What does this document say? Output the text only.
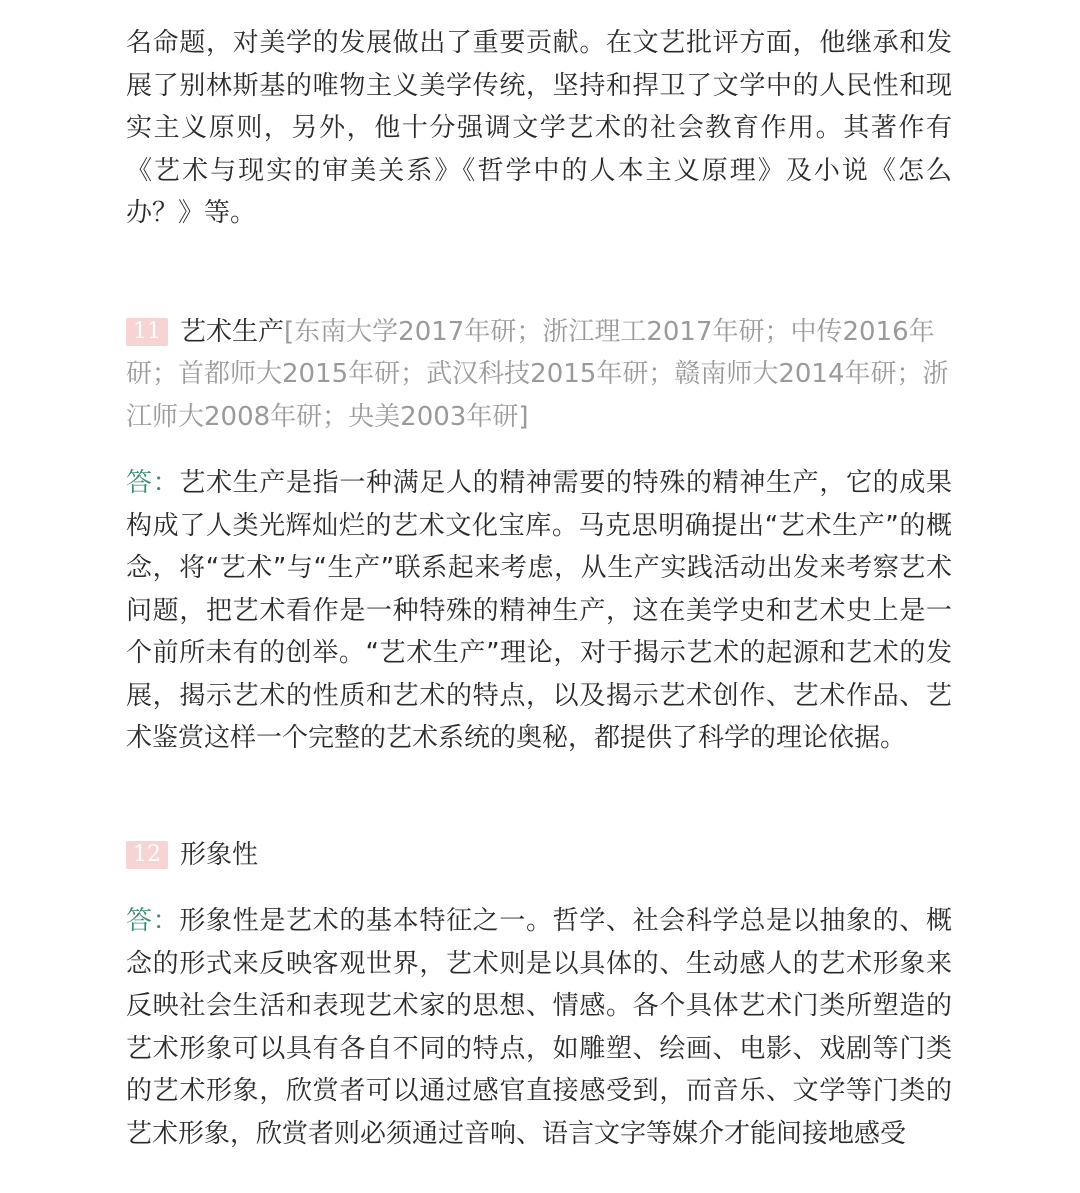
名命题，对美学的发展做出了重要贡献。在文艺批评方面，他继承和发展了别林斯基的唯物主义美学传统，坚持和捍卫了文学中的人民性和现实主义原则，另外，他十分强调文学艺术的社会教育作用。其著作有《艺术与现实的审美关系》《哲学中的人本主义原理》及小说《怎么办？》等。

11 艺术生产[东南大学2017年研；浙江理工2017年研；中传2016年研；首都师大2015年研；武汉科技2015年研；赣南师大2014年研；浙江师大2008年研；央美2003年研]

答：艺术生产是指一种满足人的精神需要的特殊的精神生产，它的成果构成了人类光辉灿烂的艺术文化宝库。马克思明确提出“艺术生产”的概念，将“艺术”与“生产”联系起来考虑，从生产实践活动出发来考察艺术问题，把艺术看作是一种特殊的精神生产，这在美学史和艺术史上是一个前所未有的创举。“艺术生产”理论，对于揭示艺术的起源和艺术的发展，揭示艺术的性质和艺术的特点，以及揭示艺术创作、艺术作品、艺术鉴赏这样一个完整的艺术系统的奥秘，都提供了科学的理论依据。

12 形象性

答：形象性是艺术的基本特征之一。哲学、社会科学总是以抽象的、概念的形式来反映客观世界，艺术则是以具体的、生动感人的艺术形象来反映社会生活和表现艺术家的思想、情感。各个具体艺术门类所塑造的艺术形象可以具有各自不同的特点，如雕塑、绘画、电影、戏剧等门类的艺术形象，欣赏者可以通过感官直接感受到，而音乐、文学等门类的艺术形象，欣赏者则必须通过音响、语言文字等媒介才能间接地感受
